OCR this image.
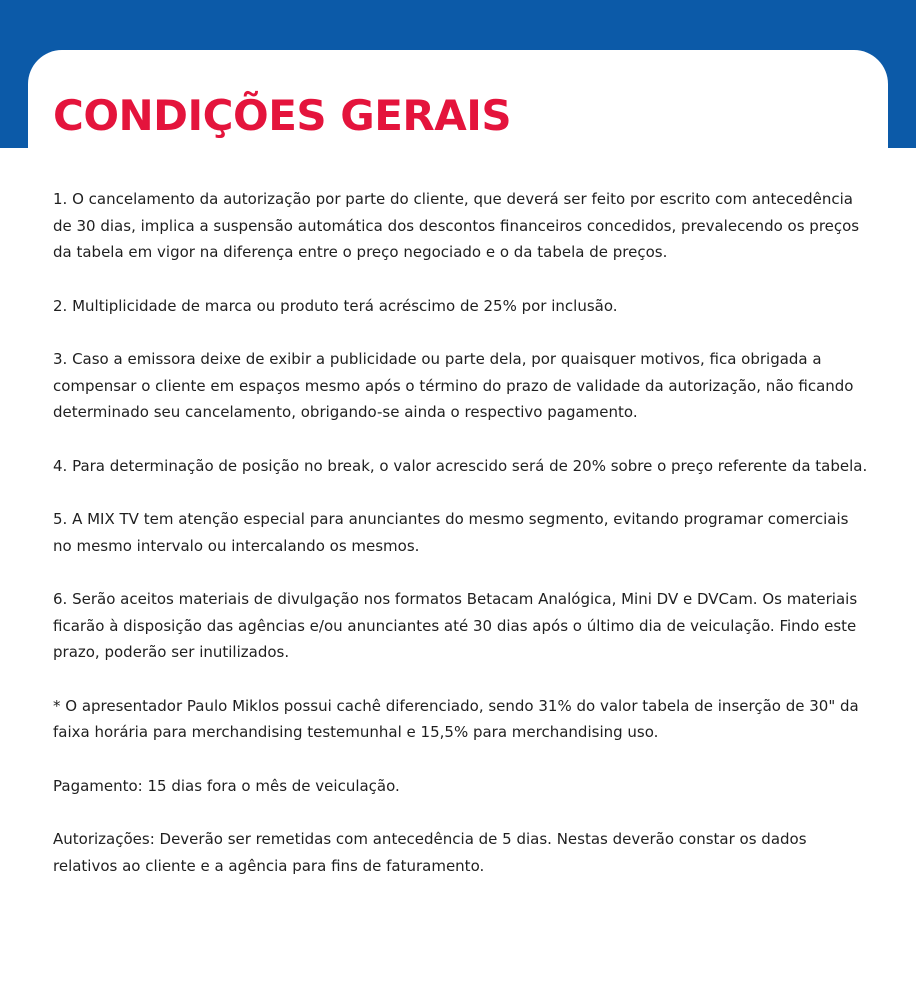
CONDIÇÕES GERAIS

1. O cancelamento da autorização por parte do cliente, que deverá ser feito por escrito com antecedência de 30 dias, implica a suspensão automática dos descontos financeiros concedidos, prevalecendo os preços da tabela em vigor na diferença entre o preço negociado e o da tabela de preços.

2. Multiplicidade de marca ou produto terá acréscimo de 25% por inclusão.

3. Caso a emissora deixe de exibir a publicidade ou parte dela, por quaisquer motivos, fica obrigada a compensar o cliente em espaços mesmo após o término do prazo de validade da autorização, não ficando determinado seu cancelamento, obrigando-se ainda o respectivo pagamento.

4. Para determinação de posição no break, o valor acrescido será de 20% sobre o preço referente da tabela.

5. A MIX TV tem atenção especial para anunciantes do mesmo segmento, evitando programar comerciais no mesmo intervalo ou intercalando os mesmos.

6. Serão aceitos materiais de divulgação nos formatos Betacam Analógica, Mini DV e DVCam. Os materiais ficarão à disposição das agências e/ou anunciantes até 30 dias após o último dia de veiculação. Findo este prazo, poderão ser inutilizados.

* O apresentador Paulo Miklos possui cachê diferenciado, sendo 31% do valor tabela de inserção de 30" da faixa horária para merchandising testemunhal e 15,5% para merchandising uso.

Pagamento: 15 dias fora o mês de veiculação.

Autorizações: Deverão ser remetidas com antecedência de 5 dias. Nestas deverão constar os dados relativos ao cliente e a agência para fins de faturamento.
